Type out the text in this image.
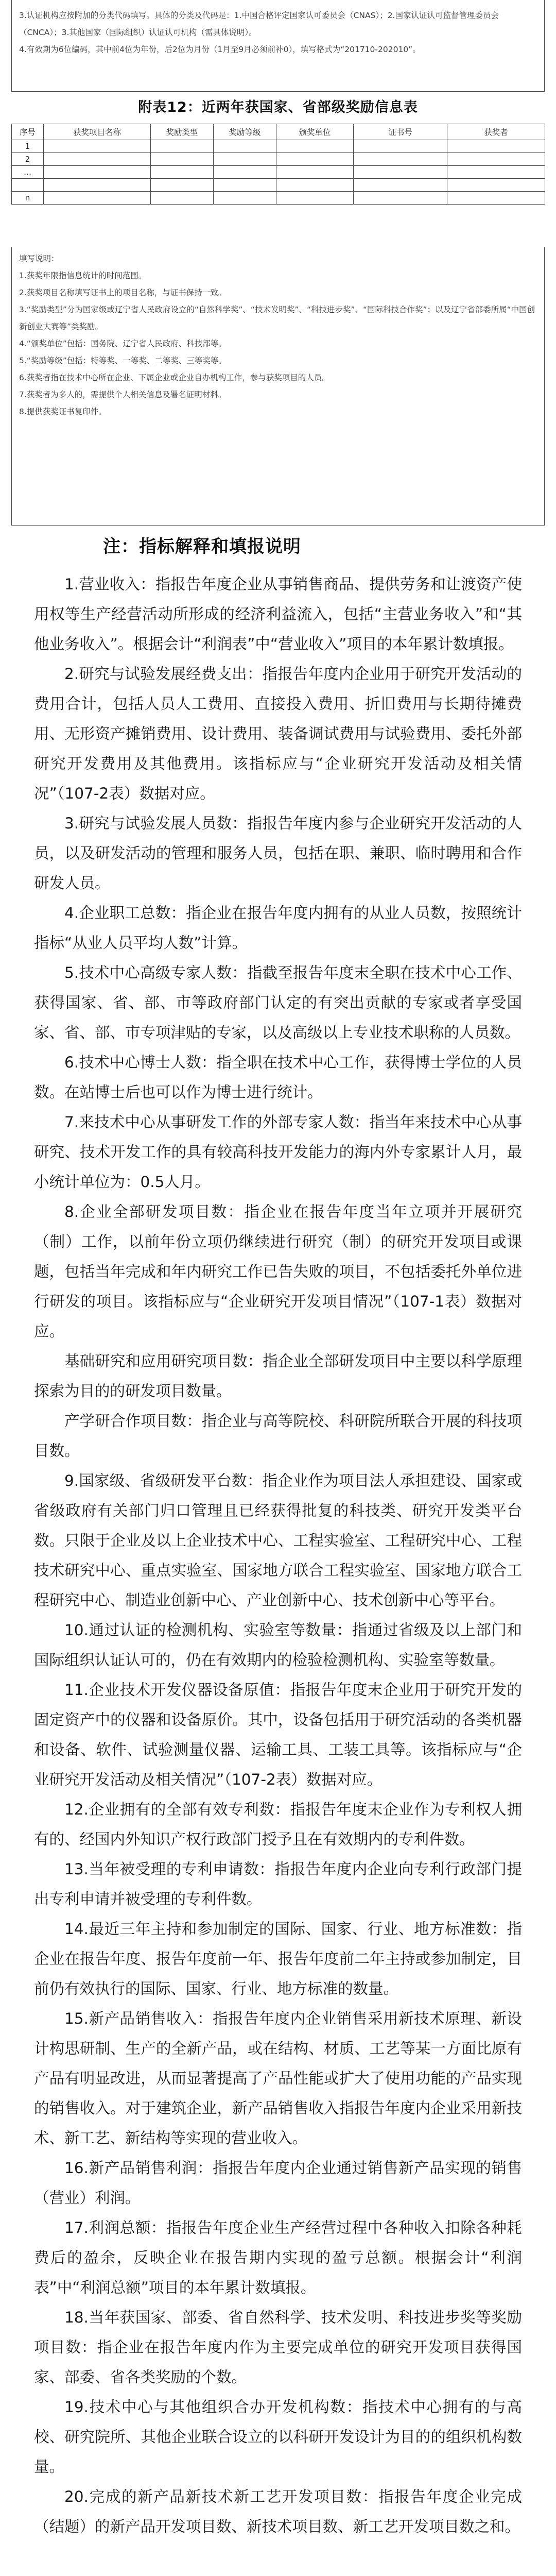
3.认证机构应按附加的分类代码填写。具体的分类及代码是：1.中国合格评定国家认可委员会（CNAS）；2.国家认证认可监督管理委员会（CNCA）；3.其他国家（国际组织）认证认可机构（需具体说明）。

4.有效期为6位编码，其中前4位为年份，后2位为月份（1月至9月必须前补0），填写格式为“201710-202010”。

附表12：近两年获国家、省部级奖励信息表
序号	获奖项目名称	奖励类型	奖励等级	颁奖单位	证书号	获奖者
1						
2						
…						

n						

填写说明：

1.获奖年限指信息统计的时间范围。

2.获奖项目名称填写证书上的项目名称，与证书保持一致。

3.“奖励类型”分为国家级或辽宁省人民政府设立的“自然科学奖”、“技术发明奖”、“科技进步奖”、“国际科技合作奖”；以及辽宁省部委所属“中国创新创业大赛等”类奖励。

4.“颁奖单位”包括：国务院、辽宁省人民政府、科技部等。

5.“奖励等级”包括：特等奖、一等奖、二等奖、三等奖等。

6.获奖者指在技术中心所在企业、下属企业或企业自办机构工作，参与获奖项目的人员。

7.获奖者为多人的，需提供个人相关信息及署名证明材料。

8.提供获奖证书复印件。

注：指标解释和填报说明

1.营业收入：指报告年度企业从事销售商品、提供劳务和让渡资产使用权等生产经营活动所形成的经济利益流入，包括“主营业务收入”和“其他业务收入”。根据会计“利润表”中“营业收入”项目的本年累计数填报。

2.研究与试验发展经费支出：指报告年度内企业用于研究开发活动的费用合计，包括人员人工费用、直接投入费用、折旧费用与长期待摊费用、无形资产摊销费用、设计费用、装备调试费用与试验费用、委托外部研究开发费用及其他费用。该指标应与“企业研究开发活动及相关情况”（107-2表）数据对应。

3.研究与试验发展人员数：指报告年度内参与企业研究开发活动的人员，以及研发活动的管理和服务人员，包括在职、兼职、临时聘用和合作研发人员。

4.企业职工总数：指企业在报告年度内拥有的从业人员数，按照统计指标“从业人员平均人数”计算。

5.技术中心高级专家人数：指截至报告年度末全职在技术中心工作、获得国家、省、部、市等政府部门认定的有突出贡献的专家或者享受国家、省、部、市专项津贴的专家，以及高级以上专业技术职称的人员数。

6.技术中心博士人数：指全职在技术中心工作，获得博士学位的人员数。在站博士后也可以作为博士进行统计。

7.来技术中心从事研发工作的外部专家人数：指当年来技术中心从事研究、技术开发工作的具有较高科技开发能力的海内外专家累计人月，最小统计单位为：0.5人月。

8.企业全部研发项目数：指企业在报告年度当年立项并开展研究（制）工作，以前年份立项仍继续进行研究（制）的研究开发项目或课题，包括当年完成和年内研究工作已告失败的项目，不包括委托外单位进行研发的项目。该指标应与“企业研究开发项目情况”（107-1表）数据对应。

基础研究和应用研究项目数：指企业全部研发项目中主要以科学原理探索为目的的研发项目数量。

产学研合作项目数：指企业与高等院校、科研院所联合开展的科技项目数。

9.国家级、省级研发平台数：指企业作为项目法人承担建设、国家或省级政府有关部门归口管理且已经获得批复的科技类、研究开发类平台数。只限于企业及以上企业技术中心、工程实验室、工程研究中心、工程技术研究中心、重点实验室、国家地方联合工程实验室、国家地方联合工程研究中心、制造业创新中心、产业创新中心、技术创新中心等平台。

10.通过认证的检测机构、实验室等数量：指通过省级及以上部门和国际组织认证认可的，仍在有效期内的检验检测机构、实验室等数量。

11.企业技术开发仪器设备原值：指报告年度末企业用于研究开发的固定资产中的仪器和设备原价。其中，设备包括用于研究活动的各类机器和设备、软件、试验测量仪器、运输工具、工装工具等。该指标应与“企业研究开发活动及相关情况”（107-2表）数据对应。

12.企业拥有的全部有效专利数：指报告年度末企业作为专利权人拥有的、经国内外知识产权行政部门授予且在有效期内的专利件数。

13.当年被受理的专利申请数：指报告年度内企业向专利行政部门提出专利申请并被受理的专利件数。

14.最近三年主持和参加制定的国际、国家、行业、地方标准数：指企业在报告年度、报告年度前一年、报告年度前二年主持或参加制定，目前仍有效执行的国际、国家、行业、地方标准的数量。

15.新产品销售收入：指报告年度内企业销售采用新技术原理、新设计构思研制、生产的全新产品，或在结构、材质、工艺等某一方面比原有产品有明显改进，从而显著提高了产品性能或扩大了使用功能的产品实现的销售收入。对于建筑企业，新产品销售收入指报告年度内企业采用新技术、新工艺、新结构等实现的营业收入。

16.新产品销售利润：指报告年度内企业通过销售新产品实现的销售（营业）利润。

17.利润总额：指报告年度企业生产经营过程中各种收入扣除各种耗费后的盈余，反映企业在报告期内实现的盈亏总额。根据会计“利润表”中“利润总额”项目的本年累计数填报。

18.当年获国家、部委、省自然科学、技术发明、科技进步奖等奖励项目数：指企业在报告年度内作为主要完成单位的研究开发项目获得国家、部委、省各类奖励的个数。

19.技术中心与其他组织合办开发机构数：指技术中心拥有的与高校、研究院所、其他企业联合设立的以科研开发设计为目的的组织机构数量。

20.完成的新产品新技术新工艺开发项目数：指报告年度企业完成（结题）的新产品开发项目数、新技术项目数、新工艺开发项目数之和。
